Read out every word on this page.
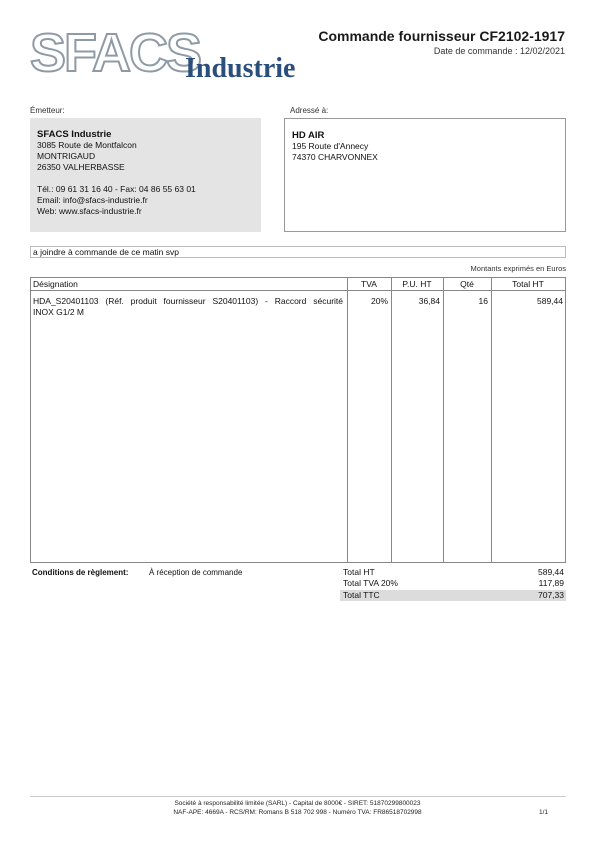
SFACS
Industrie
Commande fournisseur CF2102-1917
Date de commande : 12/02/2021
Émetteur:	Adressé à:
SFACS Industrie
3085 Route de Montfalcon
MONTRIGAUD
26350 VALHERBASSE
Tél.: 09 61 31 16 40 - Fax: 04 86 55 63 01
Email: info@sfacs-industrie.fr
Web: www.sfacs-industrie.fr
HD AIR
195 Route d'Annecy
74370 CHARVONNEX
a joindre à commande de ce matin svp
Montants exprimés en Euros
Désignation	TVA	P.U. HT	Qté	Total HT
HDA_S20401103 (Réf. produit fournisseur S20401103) - Raccord sécurité
INOX G1/2 M
20%	36,84	16	589,44
Conditions de règlement:	À réception de commande	Total HT	589,44
Total TVA 20%	117,89
Total TTC	707,33
Société à responsabilité limitée (SARL) - Capital de 8000€ - SIRET: 51870299800023
NAF-APE: 4669A - RCS/RM: Romans B 518 702 998 - Numéro TVA: FR86518702998	1/1
